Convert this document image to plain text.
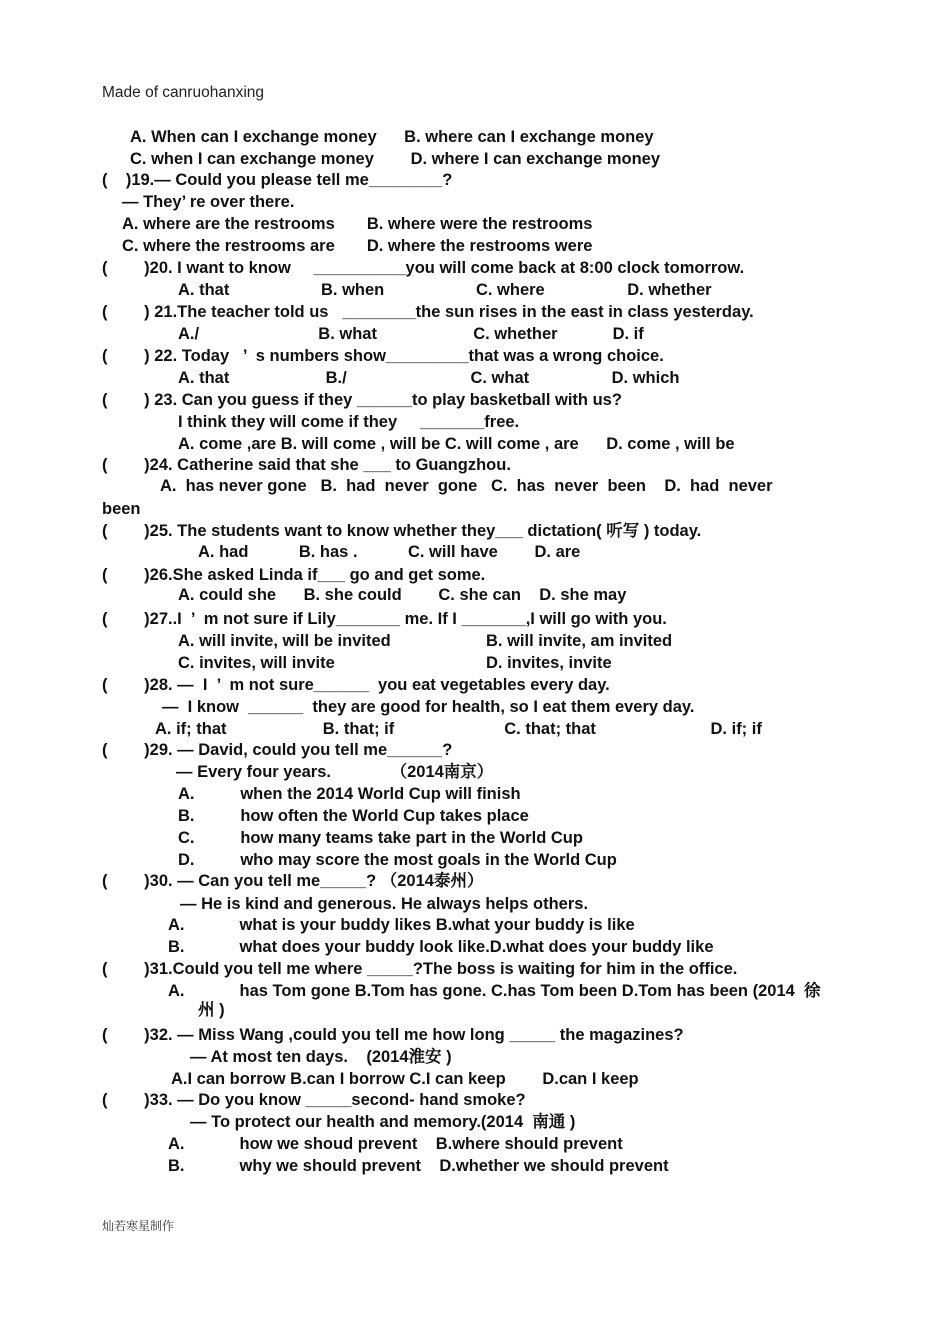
Made of canruohanxing
A. When can I exchange money      B. where can I exchange money
C. when I can exchange money        D. where I can exchange money
(    )19.— Could you please tell me________?
— They’ re over there.
A. where are the restrooms       B. where were the restrooms
C. where the restrooms are       D. where the restrooms were
(        )20. I want to know     __________you will come back at 8:00 clock tomorrow.
A. that                    B. when                    C. where                  D. whether
(        ) 21.The teacher told us   ________the sun rises in the east in class yesterday.
A./                          B. what                     C. whether            D. if
(        ) 22. Today   ’  s numbers show_________that was a wrong choice.
A. that                     B./                           C. what                  D. which
(        ) 23. Can you guess if they ______to play basketball with us?
I think they will come if they     _______free.
A. come ,are B. will come , will be C. will come , are      D. come , will be
(        )24. Catherine said that she ___ to Guangzhou.
A.  has never gone   B.  had  never  gone   C.  has  never  been    D.  had  never
been
(        )25. The students want to know whether they___ dictation( 听写 ) today.
A. had           B. has .           C. will have        D. are
(        )26.She asked Linda if___ go and get some.
A. could she      B. she could        C. she can    D. she may
(        )27..I  ’  m not sure if Lily_______ me. If I _______,I will go with you.
A. will invite, will be invited	B. will invite, am invited
C. invites, will invite	D. invites, invite
(        )28. —  I  ’  m not sure______  you eat vegetables every day.
—  I know  ______  they are good for health, so I eat them every day.
A. if; that                     B. that; if                        C. that; that                         D. if; if
(        )29. — David, could you tell me______?
— Every four years.             （2014南京）
A.          when the 2014 World Cup will finish
B.          how often the World Cup takes place
C.          how many teams take part in the World Cup
D.          who may score the most goals in the World Cup
(        )30. — Can you tell me_____? （2014泰州）
— He is kind and generous. He always helps others.
A.            what is your buddy likes B.what your buddy is like
B.            what does your buddy look like.D.what does your buddy like
(        )31.Could you tell me where _____?The boss is waiting for him in the office.
A.            has Tom gone B.Tom has gone. C.has Tom been D.Tom has been (2014  徐
州 )
(        )32. — Miss Wang ,could you tell me how long _____ the magazines?
— At most ten days.    (2014淮安 )
A.I can borrow B.can I borrow C.I can keep        D.can I keep
(        )33. — Do you know _____second- hand smoke?
— To protect our health and memory.(2014  南通 )
A.            how we shoud prevent    B.where should prevent
B.            why we should prevent    D.whether we should prevent
灿若寒星制作
